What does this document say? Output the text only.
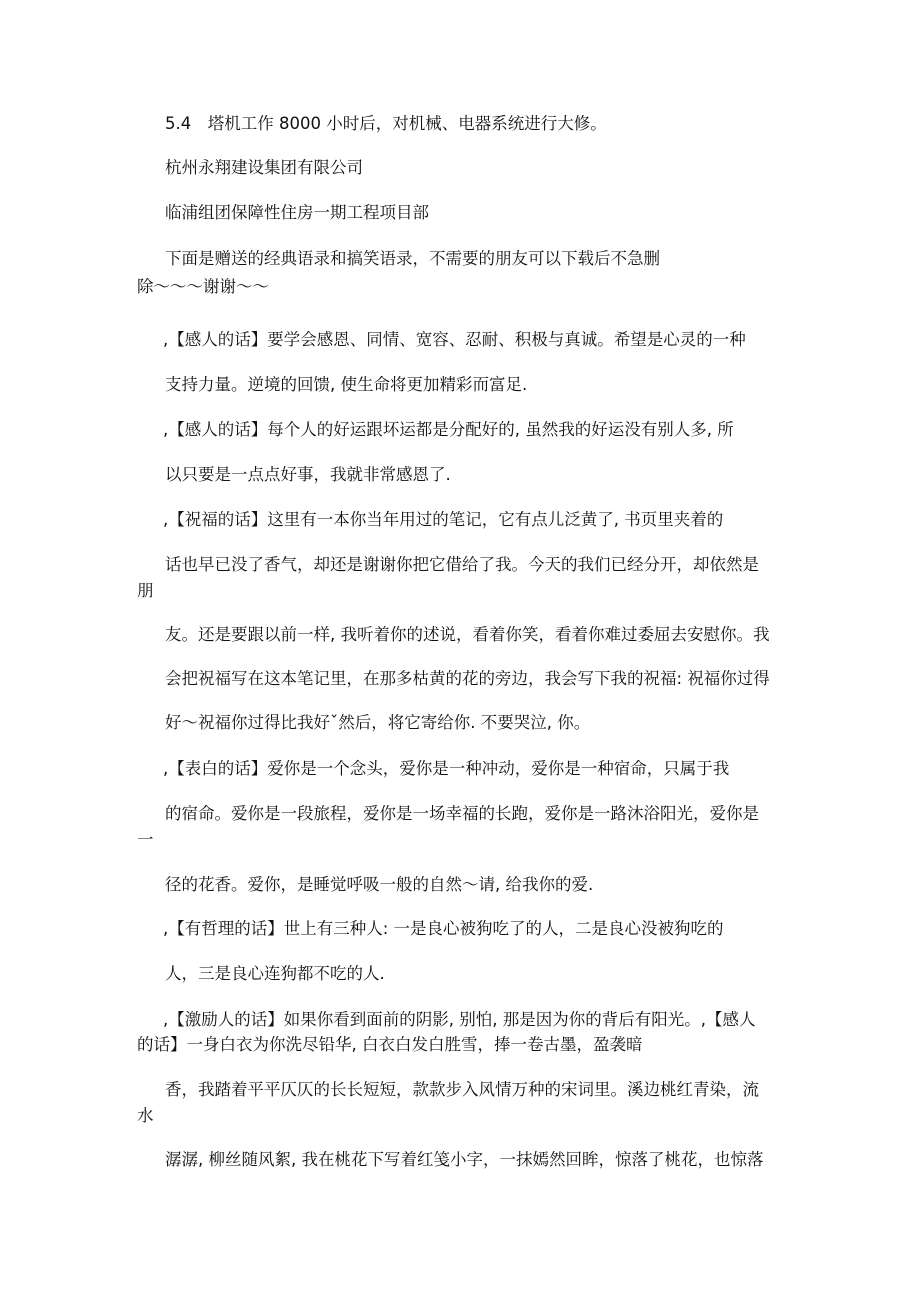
5.4　塔机工作 8000 小时后，对机械、电器系统进行大修。
杭州永翔建设集团有限公司
临浦组团保障性住房一期工程项目部
下面是赠送的经典语录和搞笑语录，不需要的朋友可以下载后不急删
除～～～谢谢～～
,【感人的话】要学会感恩、同情、宽容、忍耐、积极与真诚。希望是心灵的一种
支持力量。逆境的回馈, 使生命将更加精彩而富足.
,【感人的话】每个人的好运跟坏运都是分配好的, 虽然我的好运没有别人多, 所
以只要是一点点好事，我就非常感恩了.
,【祝福的话】这里有一本你当年用过的笔记，它有点儿泛黄了, 书页里夹着的
话也早已没了香气，却还是谢谢你把它借给了我。今天的我们已经分开，却依然是
朋
友。还是要跟以前一样, 我听着你的述说，看着你笑，看着你难过委屈去安慰你。我
会把祝福写在这本笔记里，在那多枯黄的花的旁边，我会写下我的祝福: 祝福你过得
好～祝福你过得比我好ˇ然后，将它寄给你. 不要哭泣, 你。
,【表白的话】爱你是一个念头，爱你是一种冲动，爱你是一种宿命，只属于我
的宿命。爱你是一段旅程，爱你是一场幸福的长跑，爱你是一路沐浴阳光，爱你是
一
径的花香。爱你，是睡觉呼吸一般的自然～请, 给我你的爱.
,【有哲理的话】世上有三种人: 一是良心被狗吃了的人，二是良心没被狗吃的
人，三是良心连狗都不吃的人.
,【激励人的话】如果你看到面前的阴影, 别怕, 那是因为你的背后有阳光。,【感人
的话】一身白衣为你洗尽铅华, 白衣白发白胜雪，捧一卷古墨，盈袭暗
香，我踏着平平仄仄的长长短短，款款步入风情万种的宋词里。溪边桃红青染，流
水
潺潺, 柳丝随风絮, 我在桃花下写着红笺小字，一抹嫣然回眸，惊落了桃花，也惊落
